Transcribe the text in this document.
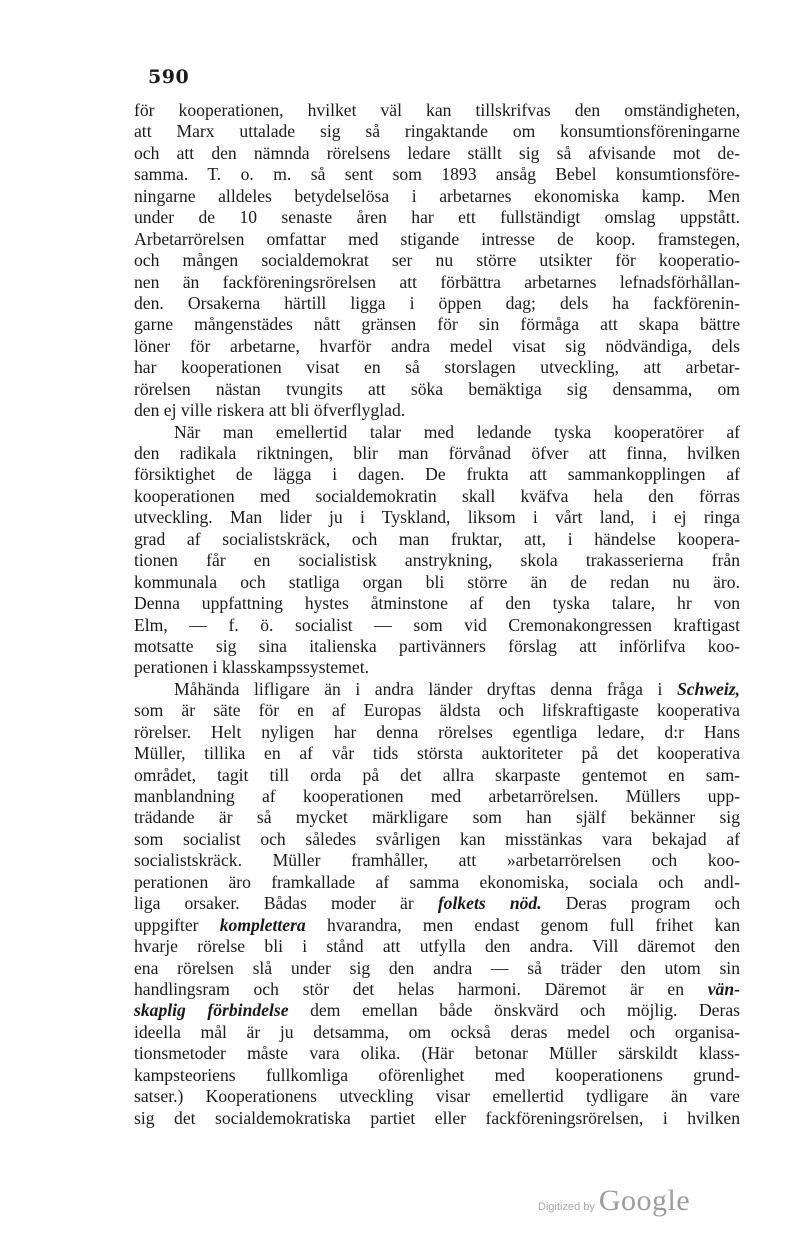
590
för kooperationen, hvilket väl kan tillskrifvas den omständigheten,
att Marx uttalade sig så ringaktande om konsumtionsföreningarne
och att den nämnda rörelsens ledare ställt sig så afvisande mot de-
samma. T. o. m. så sent som 1893 ansåg Bebel konsumtionsföre-
ningarne alldeles betydelselösa i arbetarnes ekonomiska kamp. Men
under de 10 senaste åren har ett fullständigt omslag uppstått.
Arbetarrörelsen omfattar med stigande intresse de koop. framstegen,
och mången socialdemokrat ser nu större utsikter för kooperatio-
nen än fackföreningsrörelsen att förbättra arbetarnes lefnadsförhållan-
den. Orsakerna härtill ligga i öppen dag; dels ha fackförenin-
garne mångenstädes nått gränsen för sin förmåga att skapa bättre
löner för arbetarne, hvarför andra medel visat sig nödvändiga, dels
har kooperationen visat en så storslagen utveckling, att arbetar-
rörelsen nästan tvungits att söka bemäktiga sig densamma, om
den ej ville riskera att bli öfverflyglad.
När man emellertid talar med ledande tyska kooperatörer af
den radikala riktningen, blir man förvånad öfver att finna, hvilken
försiktighet de lägga i dagen. De frukta att sammankopplingen af
kooperationen med socialdemokratin skall kväfva hela den förras
utveckling. Man lider ju i Tyskland, liksom i vårt land, i ej ringa
grad af socialistskräck, och man fruktar, att, i händelse koopera-
tionen får en socialistisk anstrykning, skola trakasserierna från
kommunala och statliga organ bli större än de redan nu äro.
Denna uppfattning hystes åtminstone af den tyska talare, hr von
Elm, — f. ö. socialist — som vid Cremonakongressen kraftigast
motsatte sig sina italienska partivänners förslag att införlifva koo-
perationen i klasskampssystemet.
Måhända lifligare än i andra länder dryftas denna fråga i Schweiz,
som är säte för en af Europas äldsta och lifskraftigaste kooperativa
rörelser. Helt nyligen har denna rörelses egentliga ledare, d:r Hans
Müller, tillika en af vår tids största auktoriteter på det kooperativa
området, tagit till orda på det allra skarpaste gentemot en sam-
manblandning af kooperationen med arbetarrörelsen. Müllers upp-
trädande är så mycket märkligare som han själf bekänner sig
som socialist och således svårligen kan misstänkas vara bekajad af
socialistskräck. Müller framhåller, att »arbetarrörelsen och koo-
perationen äro framkallade af samma ekonomiska, sociala och andl-
liga orsaker. Bådas moder är folkets nöd. Deras program och
uppgifter komplettera hvarandra, men endast genom full frihet kan
hvarje rörelse bli i stånd att utfylla den andra. Vill däremot den
ena rörelsen slå under sig den andra — så träder den utom sin
handlingsram och stör det helas harmoni. Däremot är en vän-
skaplig förbindelse dem emellan både önskvärd och möjlig. Deras
ideella mål är ju detsamma, om också deras medel och organisa-
tionsmetoder måste vara olika. (Här betonar Müller särskildt klass-
kampsteoriens fullkomliga oförenlighet med kooperationens grund-
satser.) Kooperationens utveckling visar emellertid tydligare än vare
sig det socialdemokratiska partiet eller fackföreningsrörelsen, i hvilken
Digitized by Google
